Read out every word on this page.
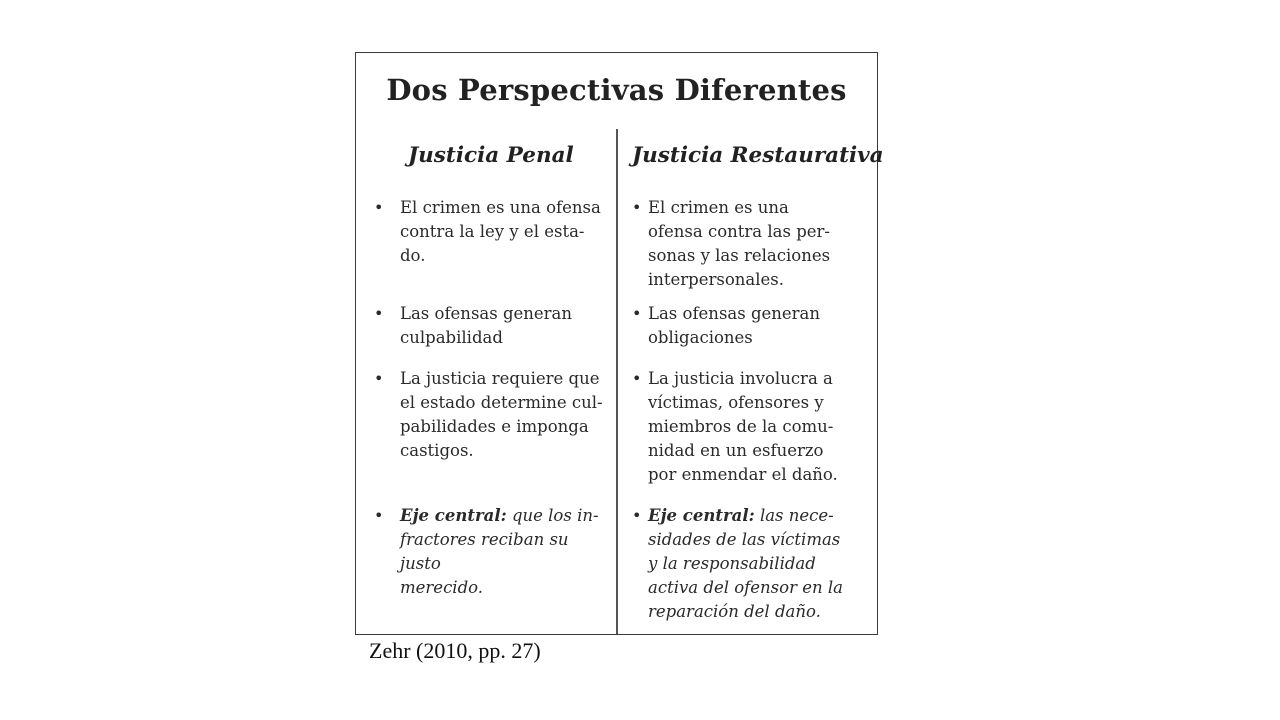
Dos Perspectivas Diferentes
Justicia Penal
• El crimen es una ofensa
contra la ley y el esta-
do.
• Las ofensas generan
culpabilidad
• La justicia requiere que
el estado determine cul-
pabilidades e imponga
castigos.
• Eje central: que los in-
fractores reciban su justo
merecido.
Justicia Restaurativa
• El crimen es una
ofensa contra las per-
sonas y las relaciones
interpersonales.
• Las ofensas generan
obligaciones
• La justicia involucra a
víctimas, ofensores y
miembros de la comu-
nidad en un esfuerzo
por enmendar el daño.
• Eje central: las nece-
sidades de las víctimas
y la responsabilidad
activa del ofensor en la
reparación del daño.
Zehr (2010, pp. 27)
